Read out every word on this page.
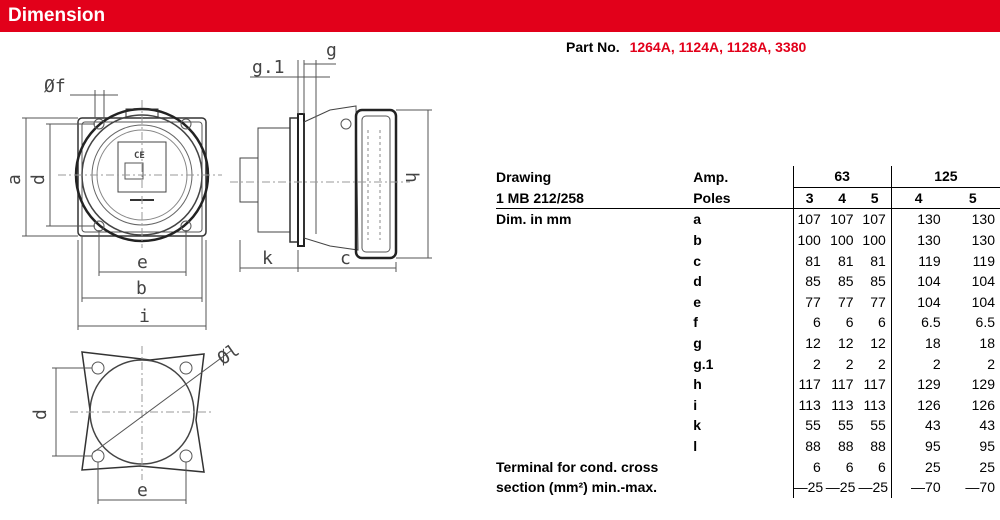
Dimension
Part No. 1264A, 1124A, 1128A, 3380
Øf
g
g.1
a d
e
b
i
k	c
h
Øl
d
e
CE
Drawing	Amp.	63			125	
1 MB 212/258	Poles	3	4	5	4	5
Dim. in mm	a	107	107	107	130	130
	b	100	100	100	130	130
	c	81	81	81	119	119
	d	85	85	85	104	104
	e	77	77	77	104	104
	f	6	6	6	6.5	6.5
	g	12	12	12	18	18
	g.1	2	2	2	2	2
	h	117	117	117	129	129
	i	113	113	113	126	126
	k	55	55	55	43	43
	l	88	88	88	95	95
Terminal for cond. cross		6	6	6	25	25
section (mm²) min.-max.		—25	—25	—25	—70	—70
